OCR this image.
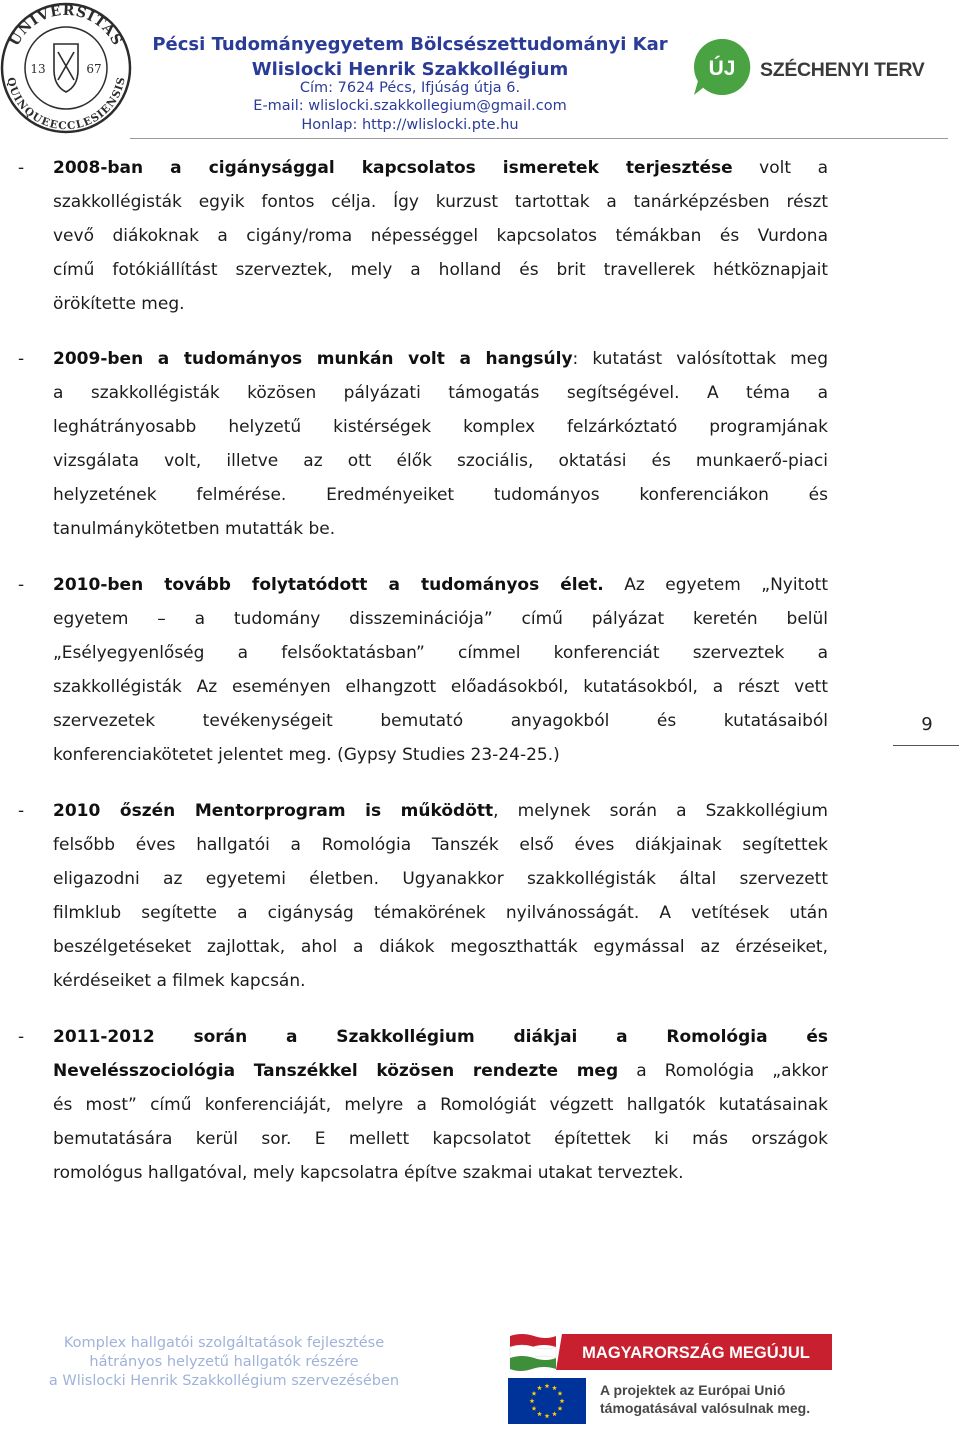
UNIVERSITAS
QUINQUEECCLESIENSIS
13	67
Pécsi Tudományegyetem Bölcsészettudományi Kar
Wlislocki Henrik Szakkollégium
Cím: 7624 Pécs, Ifjúság útja 6.
E-mail: wlislocki.szakkollegium@gmail.com
Honlap: http://wlislocki.pte.hu
ÚJ SZÉCHENYI TERV
- 2008-ban a cigánysággal kapcsolatos ismeretek terjesztése volt a
szakkollégisták egyik fontos célja. Így kurzust tartottak a tanárképzésben részt
vevő diákoknak a cigány/roma népességgel kapcsolatos témákban és Vurdona
című fotókiállítást szerveztek, mely a holland és brit travellerek hétköznapjait
örökítette meg.
- 2009-ben a tudományos munkán volt a hangsúly: kutatást valósítottak meg
a szakkollégisták közösen pályázati támogatás segítségével. A téma a
leghátrányosabb helyzetű kistérségek komplex felzárkóztató programjának
vizsgálata volt, illetve az ott élők szociális, oktatási és munkaerő-piaci
helyzetének felmérése. Eredményeiket tudományos konferenciákon és
tanulmánykötetben mutatták be.
- 2010-ben tovább folytatódott a tudományos élet. Az egyetem „Nyitott
egyetem – a tudomány disszeminációja” című pályázat keretén belül
„Esélyegyenlőség a felsőoktatásban” címmel konferenciát szerveztek a
szakkollégisták Az eseményen elhangzott előadásokból, kutatásokból, a részt vett
szervezetek tevékenységeit bemutató anyagokból és kutatásaiból
konferenciakötetet jelentet meg. (Gypsy Studies 23-24-25.)
- 2010 őszén Mentorprogram is működött, melynek során a Szakkollégium
felsőbb éves hallgatói a Romológia Tanszék első éves diákjainak segítettek
eligazodni az egyetemi életben. Ugyanakkor szakkollégisták által szervezett
filmklub segítette a cigányság témakörének nyilvánosságát. A vetítések után
beszélgetéseket zajlottak, ahol a diákok megoszthatták egymással az érzéseiket,
kérdéseiket a filmek kapcsán.
- 2011-2012 során a Szakkollégium diákjai a Romológia és
Nevelésszociológia Tanszékkel közösen rendezte meg a Romológia „akkor
és most” című konferenciáját, melyre a Romológiát végzett hallgatók kutatásainak
bemutatására kerül sor. E mellett kapcsolatot építettek ki más országok
romológus hallgatóval, mely kapcsolatra építve szakmai utakat terveztek.
9
Komplex hallgatói szolgáltatások fejlesztése
hátrányos helyzetű hallgatók részére
a Wlislocki Henrik Szakkollégium szervezésében
MAGYARORSZÁG MEGÚJUL
A projektek az Európai Unió
támogatásával valósulnak meg.
